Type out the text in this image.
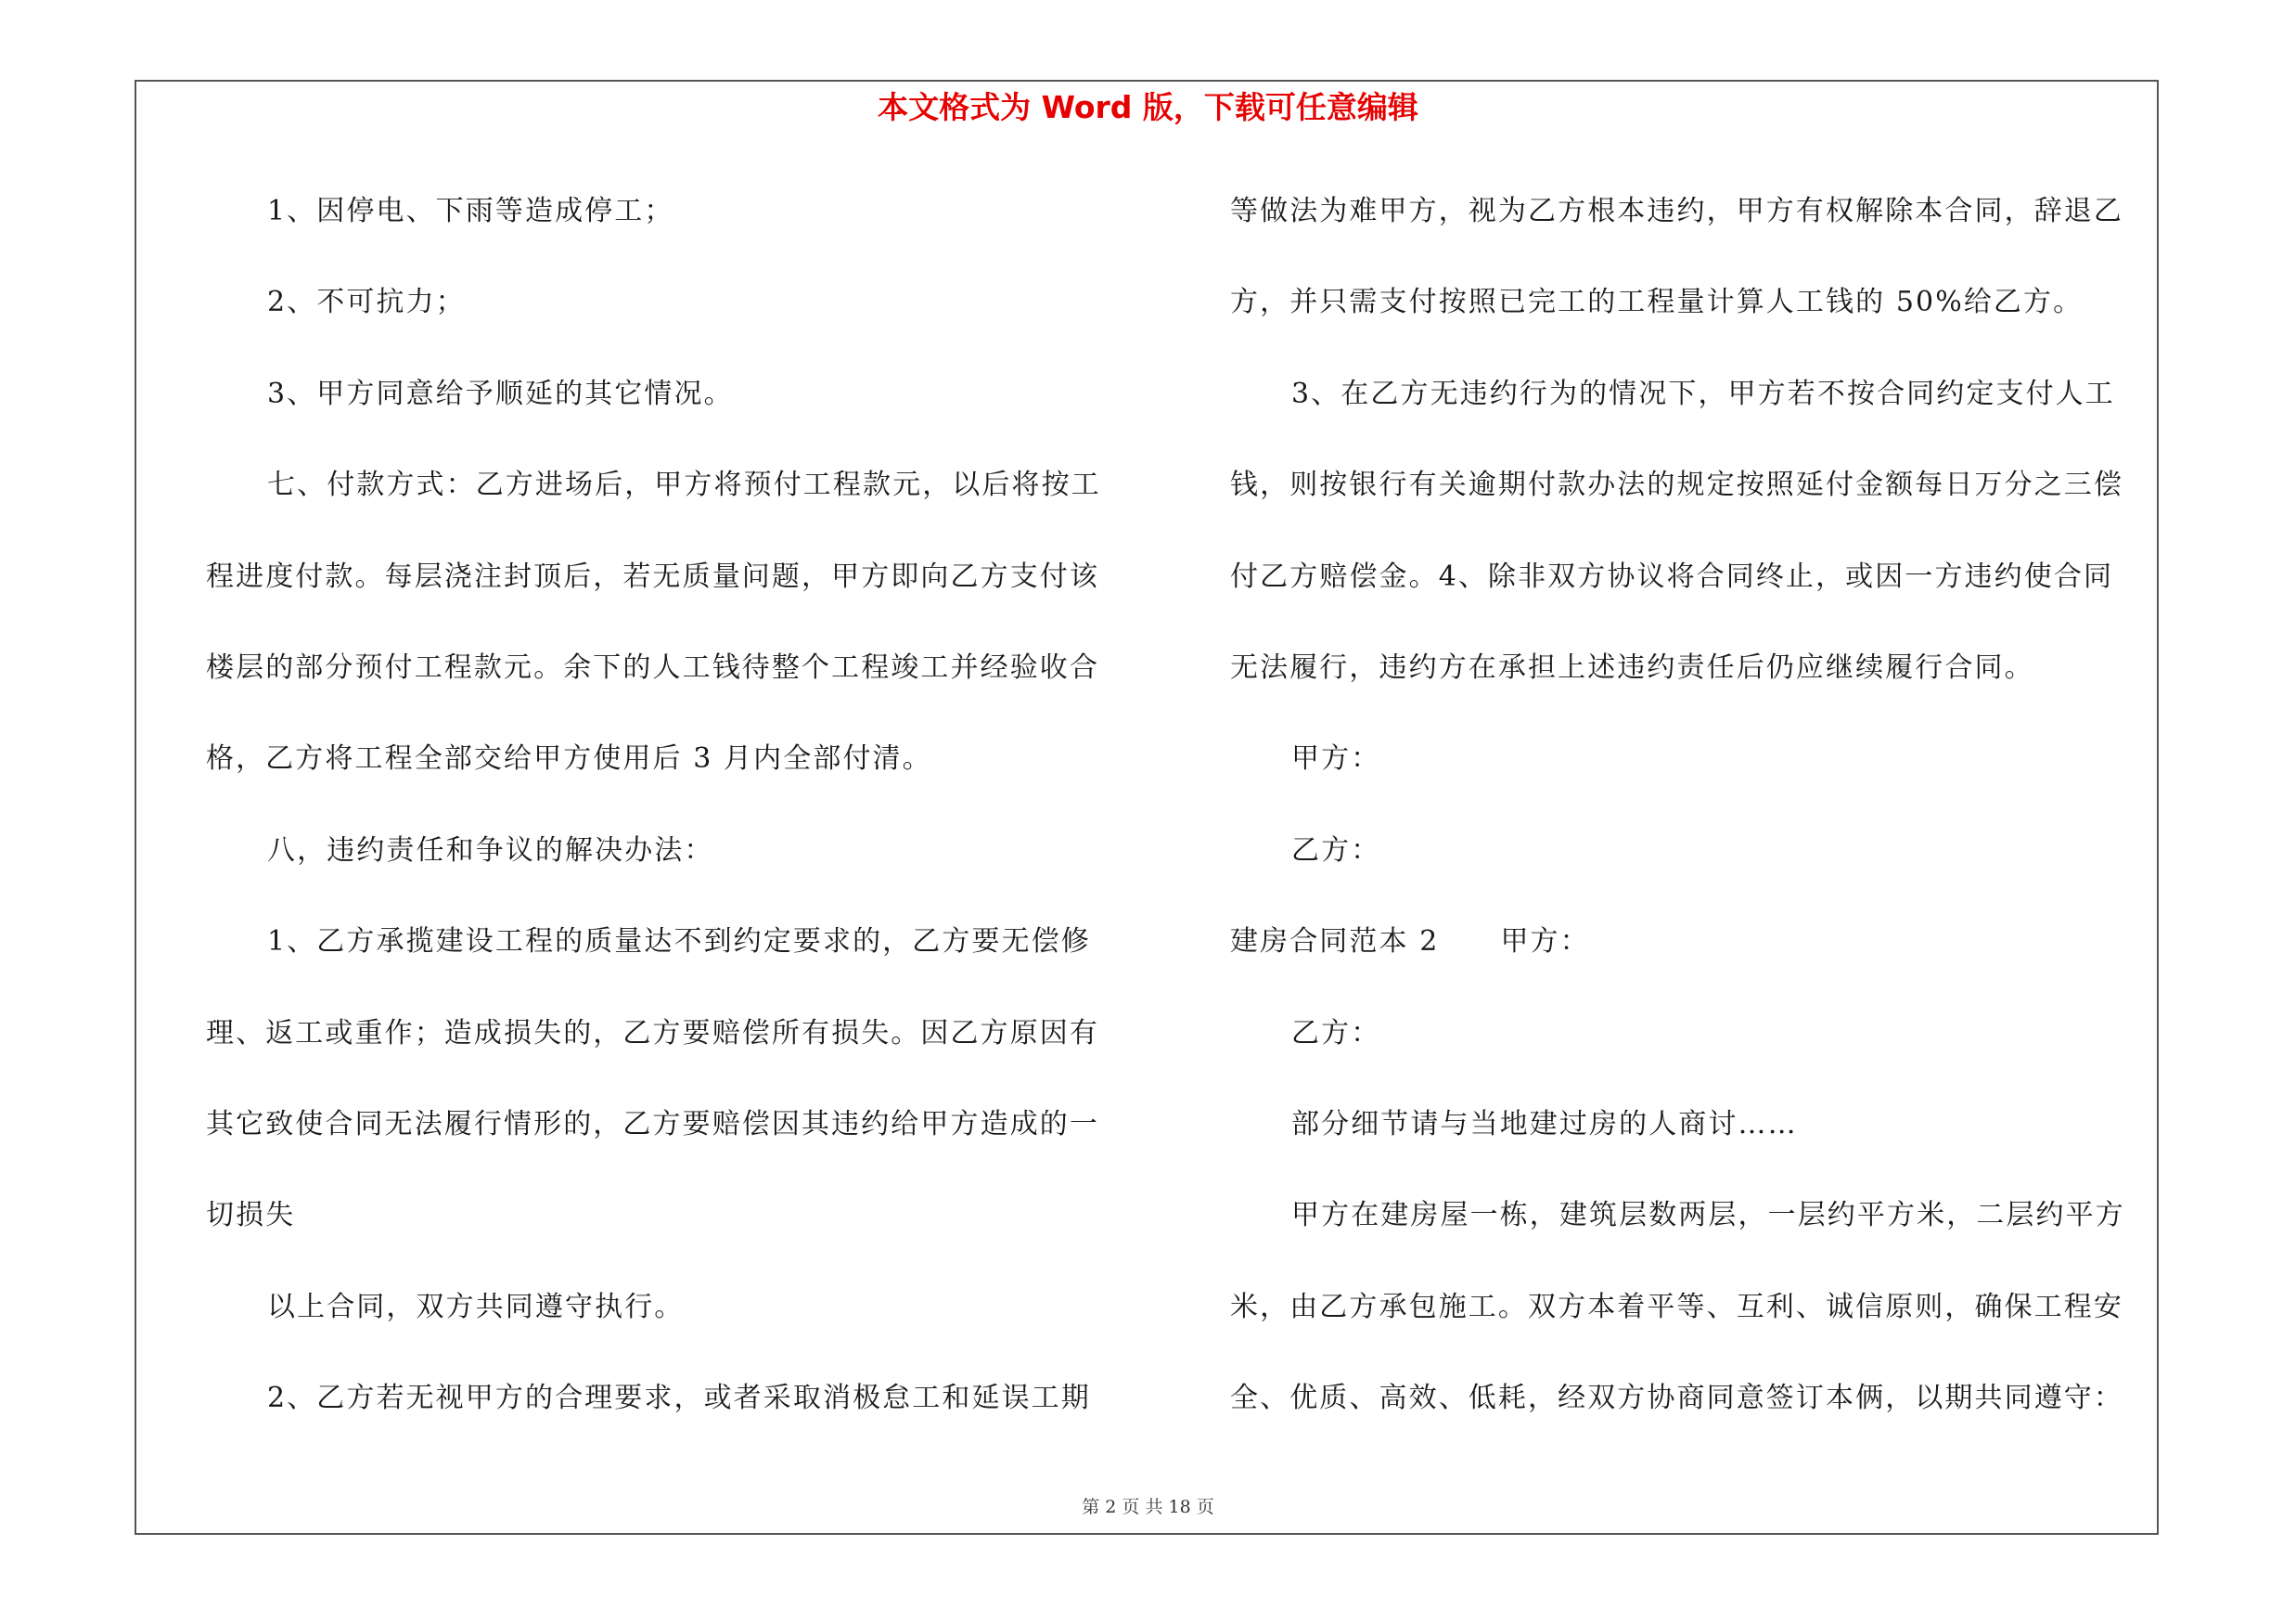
本文格式为 Word 版，下载可任意编辑
1、因停电、下雨等造成停工；
2、不可抗力；
3、甲方同意给予顺延的其它情况。
七、付款方式：乙方进场后，甲方将预付工程款元，以后将按工
程进度付款。每层浇注封顶后，若无质量问题，甲方即向乙方支付该
楼层的部分预付工程款元。余下的人工钱待整个工程竣工并经验收合
格，乙方将工程全部交给甲方使用后 3 月内全部付清。
八，违约责任和争议的解决办法：
1、乙方承揽建设工程的质量达不到约定要求的，乙方要无偿修
理、返工或重作；造成损失的，乙方要赔偿所有损失。因乙方原因有
其它致使合同无法履行情形的，乙方要赔偿因其违约给甲方造成的一
切损失
以上合同，双方共同遵守执行。
2、乙方若无视甲方的合理要求，或者采取消极怠工和延误工期
等做法为难甲方，视为乙方根本违约，甲方有权解除本合同，辞退乙
方，并只需支付按照已完工的工程量计算人工钱的 50%给乙方。
3、在乙方无违约行为的情况下，甲方若不按合同约定支付人工
钱，则按银行有关逾期付款办法的规定按照延付金额每日万分之三偿
付乙方赔偿金。4、除非双方协议将合同终止，或因一方违约使合同
无法履行，违约方在承担上述违约责任后仍应继续履行合同。
甲方：
乙方：
建房合同范本 2 甲方：
乙方：
部分细节请与当地建过房的人商讨……
甲方在建房屋一栋，建筑层数两层，一层约平方米，二层约平方
米，由乙方承包施工。双方本着平等、互利、诚信原则，确保工程安
全、优质、高效、低耗，经双方协商同意签订本俩，以期共同遵守：
第 2 页 共 18 页
